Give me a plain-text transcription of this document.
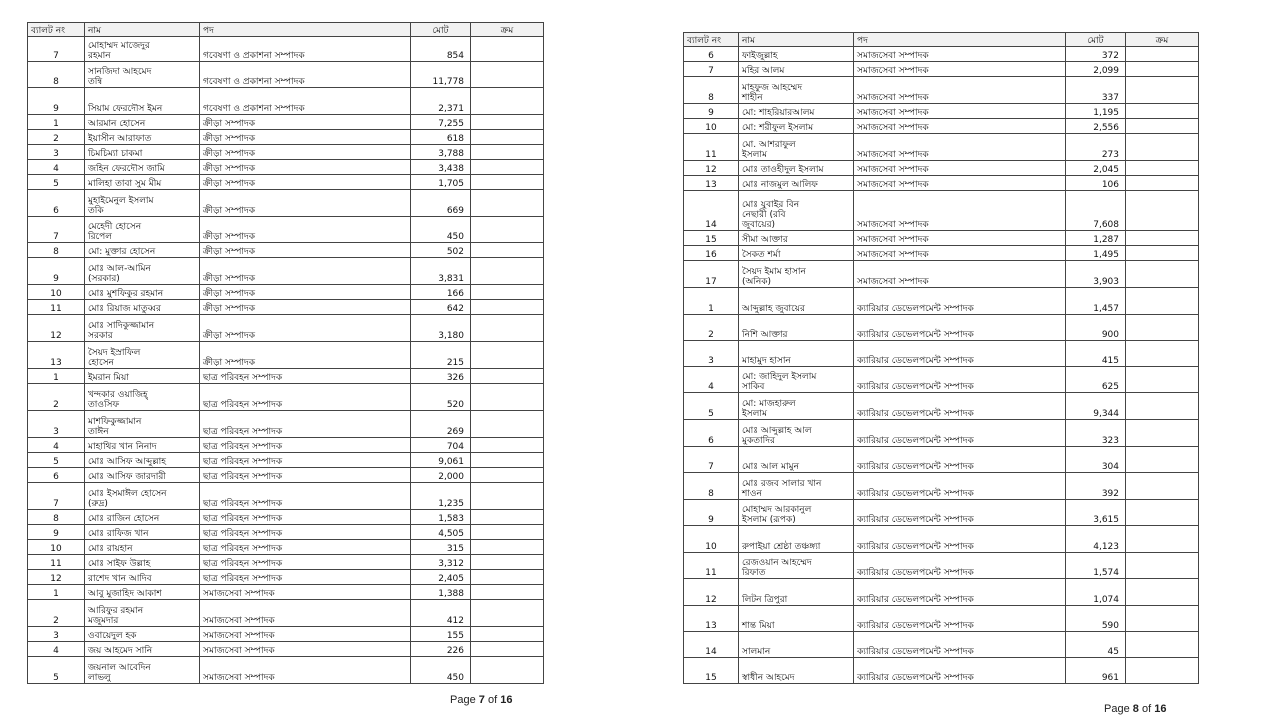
ব্যালট নং	নাম	পদ	মোট	ক্রম
7	মোহাম্মদ মাজেদুর
রহমান	গবেষণা ও প্রকাশনা সম্পাদক	854	
8	সানজিদা আহমেদ
তন্বি	গবেষণা ও প্রকাশনা সম্পাদক	11,778	
9	সিয়াম ফেরদৌস ইমন	গবেষণা ও প্রকাশনা সম্পাদক	2,371	
1	আরমান হোসেন	ক্রীড়া সম্পাদক	7,255	
2	ইয়াসীন আরাফাত	ক্রীড়া সম্পাদক	618	
3	চিমচিম্যা চাকমা	ক্রীড়া সম্পাদক	3,788	
4	জহিন ফেরদৌস জামি	ক্রীড়া সম্পাদক	3,438	
5	মালিহা তাবা সুম মীম	ক্রীড়া সম্পাদক	1,705	
6	মুহাইমেনুল ইসলাম
তকি	ক্রীড়া সম্পাদক	669	
7	মেহেদী হোসেন
রিপেল	ক্রীড়া সম্পাদক	450	
8	মো: মুক্তার হোসেন	ক্রীড়া সম্পাদক	502	
9	মোঃ আল-আমিন
(সরকার)	ক্রীড়া সম্পাদক	3,831	
10	মোঃ মুশফিকুর রহমান	ক্রীড়া সম্পাদক	166	
11	মোঃ রিয়াজ মাতুব্বর	ক্রীড়া সম্পাদক	642	
12	মোঃ সাদিকুজ্জামান
সরকার	ক্রীড়া সম্পাদক	3,180	
13	সৈয়দ ইস্রাফিল
হোসেন	ক্রীড়া সম্পাদক	215	
1	ইমরান মিয়া	ছাত্র পরিবহন সম্পাদক	326	
2	খন্দকার ওয়াজিহ্
তাওসিফ	ছাত্র পরিবহন সম্পাদক	520	
3	মাশফিকুজ্জামান
তাঈন	ছাত্র পরিবহন সম্পাদক	269	
4	মাহাথির খান নিনাদ	ছাত্র পরিবহন সম্পাদক	704	
5	মোঃ আসিফ আব্দুল্লাহ	ছাত্র পরিবহন সম্পাদক	9,061	
6	মোঃ আসিফ জারদারী	ছাত্র পরিবহন সম্পাদক	2,000	
7	মোঃ ইসমাঈল হোসেন
(রুদ্র)	ছাত্র পরিবহন সম্পাদক	1,235	
8	মোঃ রাজিন হোসেন	ছাত্র পরিবহন সম্পাদক	1,583	
9	মোঃ রাফিজ খান	ছাত্র পরিবহন সম্পাদক	4,505	
10	মোঃ রায়হান	ছাত্র পরিবহন সম্পাদক	315	
11	মোঃ সাইফ উল্লাহ	ছাত্র পরিবহন সম্পাদক	3,312	
12	রাশেদ খান আদিব	ছাত্র পরিবহন সম্পাদক	2,405	
1	আবু মুজাহিদ আকাশ	সমাজসেবা সম্পাদক	1,388	
2	আরিফুর রহমান
মজুমদার	সমাজসেবা সম্পাদক	412	
3	ওবায়েদুল হক	সমাজসেবা সম্পাদক	155	
4	জয় আহমেদ সানি	সমাজসেবা সম্পাদক	226	
5	জয়নাল আবেদিন
লাভলু	সমাজসেবা সম্পাদক	450	
Page 7 of 16
ব্যালট নং	নাম	পদ	মোট	ক্রম
6	ফাইজুল্লাহ	সমাজসেবা সম্পাদক	372	
7	মহির আলম	সমাজসেবা সম্পাদক	2,099	
8	মাহফুজ আহম্মেদ
শাহীন	সমাজসেবা সম্পাদক	337	
9	মো: শাহরিয়ারআলম	সমাজসেবা সম্পাদক	1,195	
10	মো: শরীফুল ইসলাম	সমাজসেবা সম্পাদক	2,556	
11	মো. আশরাফুল
ইসলাম	সমাজসেবা সম্পাদক	273	
12	মোঃ তাওহীদুল ইসলাম	সমাজসেবা সম্পাদক	2,045	
13	মোঃ নাজমুল আলিফ	সমাজসেবা সম্পাদক	106	
14	মোঃ যুবাইর বিন
নেছারী (রবি
জুবায়ের)	সমাজসেবা সম্পাদক	7,608	
15	সীমা আক্তার	সমাজসেবা সম্পাদক	1,287	
16	সৈকত শর্মা	সমাজসেবা সম্পাদক	1,495	
17	সৈয়দ ইমাম হাসান
(অনিক)	সমাজসেবা সম্পাদক	3,903	
1	আব্দুল্লাহ জুবায়ের	ক্যারিয়ার ডেভেলপমেন্ট সম্পাদক	1,457	
2	নিশি আক্তার	ক্যারিয়ার ডেভেলপমেন্ট সম্পাদক	900	
3	মাহামুদ হাসান	ক্যারিয়ার ডেভেলপমেন্ট সম্পাদক	415	
4	মো: জাহিদুল ইসলাম
সাকিব	ক্যারিয়ার ডেভেলপমেন্ট সম্পাদক	625	
5	মো: মাজহারুল
ইসলাম	ক্যারিয়ার ডেভেলপমেন্ট সম্পাদক	9,344	
6	মোঃ আব্দুল্লাহ আল
মুকতাদির	ক্যারিয়ার ডেভেলপমেন্ট সম্পাদক	323	
7	মোঃ আল মামুন	ক্যারিয়ার ডেভেলপমেন্ট সম্পাদক	304	
8	মোঃ রজব সালার খান
শাওন	ক্যারিয়ার ডেভেলপমেন্ট সম্পাদক	392	
9	মোহাম্মদ আরকানুল
ইসলাম (রূপক)	ক্যারিয়ার ডেভেলপমেন্ট সম্পাদক	3,615	
10	রুপাইয়া শ্রেষ্ঠা তঞ্চঙ্গ্যা	ক্যারিয়ার ডেভেলপমেন্ট সম্পাদক	4,123	
11	রেজওয়ান আহম্মেদ
রিফাত	ক্যারিয়ার ডেভেলপমেন্ট সম্পাদক	1,574	
12	লিটন ত্রিপুরা	ক্যারিয়ার ডেভেলপমেন্ট সম্পাদক	1,074	
13	শান্ত মিয়া	ক্যারিয়ার ডেভেলপমেন্ট সম্পাদক	590	
14	সালমান	ক্যারিয়ার ডেভেলপমেন্ট সম্পাদক	45	
15	স্বাধীন আহমেদ	ক্যারিয়ার ডেভেলপমেন্ট সম্পাদক	961	
Page 8 of 16
